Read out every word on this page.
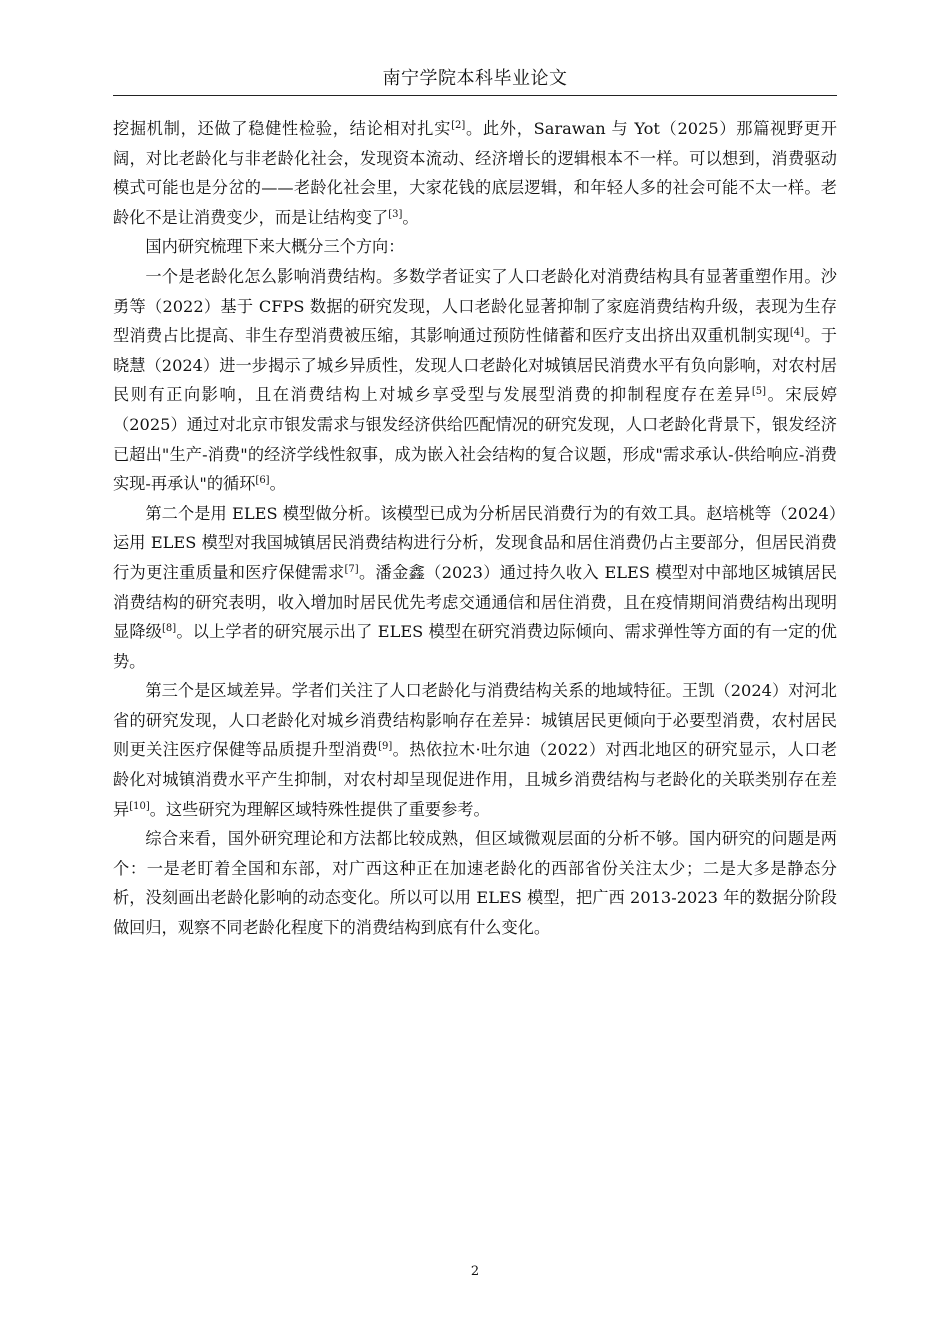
南宁学院本科毕业论文

挖掘机制，还做了稳健性检验，结论相对扎实[2]。此外，Sarawan 与 Yot（2025）那篇视野更开阔，对比老龄化与非老龄化社会，发现资本流动、经济增长的逻辑根本不一样。可以想到，消费驱动模式可能也是分岔的——老龄化社会里，大家花钱的底层逻辑，和年轻人多的社会可能不太一样。老龄化不是让消费变少，而是让结构变了[3]。

国内研究梳理下来大概分三个方向：

一个是老龄化怎么影响消费结构。多数学者证实了人口老龄化对消费结构具有显著重塑作用。沙勇等（2022）基于 CFPS 数据的研究发现，人口老龄化显著抑制了家庭消费结构升级，表现为生存型消费占比提高、非生存型消费被压缩，其影响通过预防性储蓄和医疗支出挤出双重机制实现[4]。于晓慧（2024）进一步揭示了城乡异质性，发现人口老龄化对城镇居民消费水平有负向影响，对农村居民则有正向影响，且在消费结构上对城乡享受型与发展型消费的抑制程度存在差异[5]。宋辰婷（2025）通过对北京市银发需求与银发经济供给匹配情况的研究发现，人口老龄化背景下，银发经济已超出"生产-消费"的经济学线性叙事，成为嵌入社会结构的复合议题，形成"需求承认-供给响应-消费实现-再承认"的循环[6]。

第二个是用 ELES 模型做分析。该模型已成为分析居民消费行为的有效工具。赵培桃等（2024）运用 ELES 模型对我国城镇居民消费结构进行分析，发现食品和居住消费仍占主要部分，但居民消费行为更注重质量和医疗保健需求[7]。潘金鑫（2023）通过持久收入 ELES 模型对中部地区城镇居民消费结构的研究表明，收入增加时居民优先考虑交通通信和居住消费，且在疫情期间消费结构出现明显降级[8]。以上学者的研究展示出了 ELES 模型在研究消费边际倾向、需求弹性等方面的有一定的优势。

第三个是区域差异。学者们关注了人口老龄化与消费结构关系的地域特征。王凯（2024）对河北省的研究发现，人口老龄化对城乡消费结构影响存在差异：城镇居民更倾向于必要型消费，农村居民则更关注医疗保健等品质提升型消费[9]。热依拉木·吐尔迪（2022）对西北地区的研究显示，人口老龄化对城镇消费水平产生抑制，对农村却呈现促进作用，且城乡消费结构与老龄化的关联类别存在差异[10]。这些研究为理解区域特殊性提供了重要参考。

综合来看，国外研究理论和方法都比较成熟，但区域微观层面的分析不够。国内研究的问题是两个：一是老盯着全国和东部，对广西这种正在加速老龄化的西部省份关注太少；二是大多是静态分析，没刻画出老龄化影响的动态变化。所以可以用 ELES 模型，把广西 2013-2023 年的数据分阶段做回归，观察不同老龄化程度下的消费结构到底有什么变化。

2
